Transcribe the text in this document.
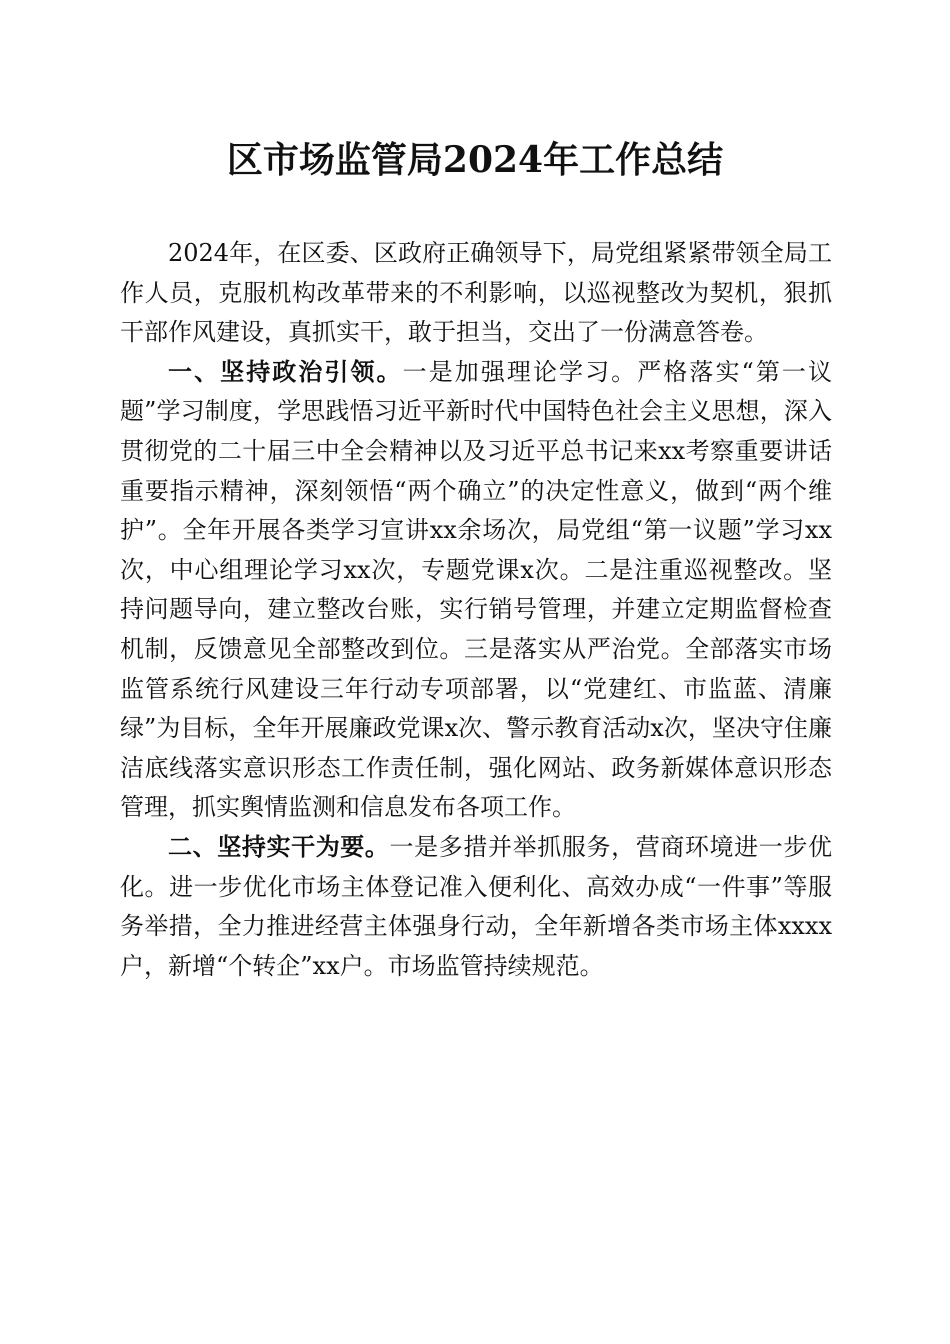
区市场监管局2024年工作总结

2024年，在区委、区政府正确领导下，局党组紧紧带领全局工作人员，克服机构改革带来的不利影响，以巡视整改为契机，狠抓干部作风建设，真抓实干，敢于担当，交出了一份满意答卷。

一、坚持政治引领。一是加强理论学习。严格落实“第一议题”学习制度，学思践悟习近平新时代中国特色社会主义思想，深入贯彻党的二十届三中全会精神以及习近平总书记来xx考察重要讲话重要指示精神，深刻领悟“两个确立”的决定性意义，做到“两个维护”。全年开展各类学习宣讲xx余场次，局党组“第一议题”学习xx次，中心组理论学习xx次，专题党课x次。二是注重巡视整改。坚持问题导向，建立整改台账，实行销号管理，并建立定期监督检查机制，反馈意见全部整改到位。三是落实从严治党。全部落实市场监管系统行风建设三年行动专项部署，以“党建红、市监蓝、清廉绿”为目标，全年开展廉政党课x次、警示教育活动x次，坚决守住廉洁底线落实意识形态工作责任制，强化网站、政务新媒体意识形态管理，抓实舆情监测和信息发布各项工作。

二、坚持实干为要。一是多措并举抓服务，营商环境进一步优化。进一步优化市场主体登记准入便利化、高效办成“一件事”等服务举措，全力推进经营主体强身行动，全年新增各类市场主体xxxx户，新增“个转企”xx户。市场监管持续规范。
